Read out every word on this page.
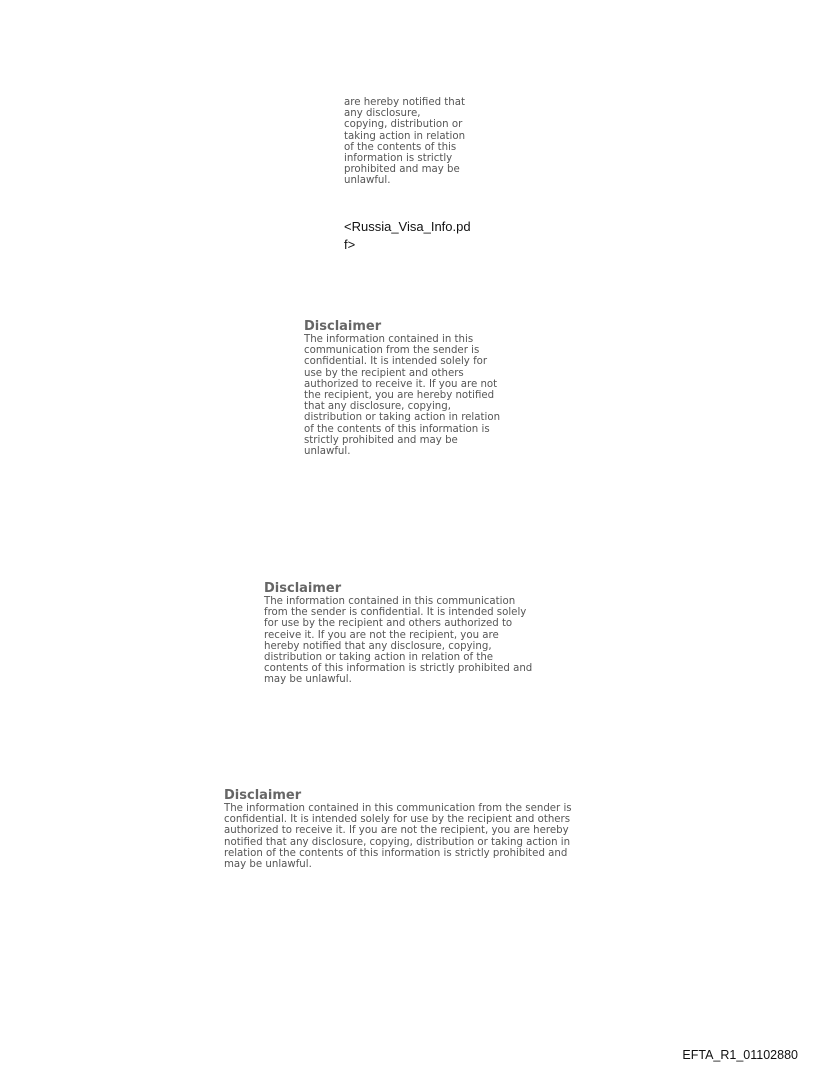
are hereby notified that
any disclosure,
copying, distribution or
taking action in relation
of the contents of this
information is strictly
prohibited and may be
unlawful.

<Russia_Visa_Info.pd
f>

Disclaimer

The information contained in this
communication from the sender is
confidential. It is intended solely for
use by the recipient and others
authorized to receive it. If you are not
the recipient, you are hereby notified
that any disclosure, copying,
distribution or taking action in relation
of the contents of this information is
strictly prohibited and may be
unlawful.

Disclaimer

The information contained in this communication
from the sender is confidential. It is intended solely
for use by the recipient and others authorized to
receive it. If you are not the recipient, you are
hereby notified that any disclosure, copying,
distribution or taking action in relation of the
contents of this information is strictly prohibited and
may be unlawful.

Disclaimer

The information contained in this communication from the sender is
confidential. It is intended solely for use by the recipient and others
authorized to receive it. If you are not the recipient, you are hereby
notified that any disclosure, copying, distribution or taking action in
relation of the contents of this information is strictly prohibited and
may be unlawful.

EFTA_R1_01102880
